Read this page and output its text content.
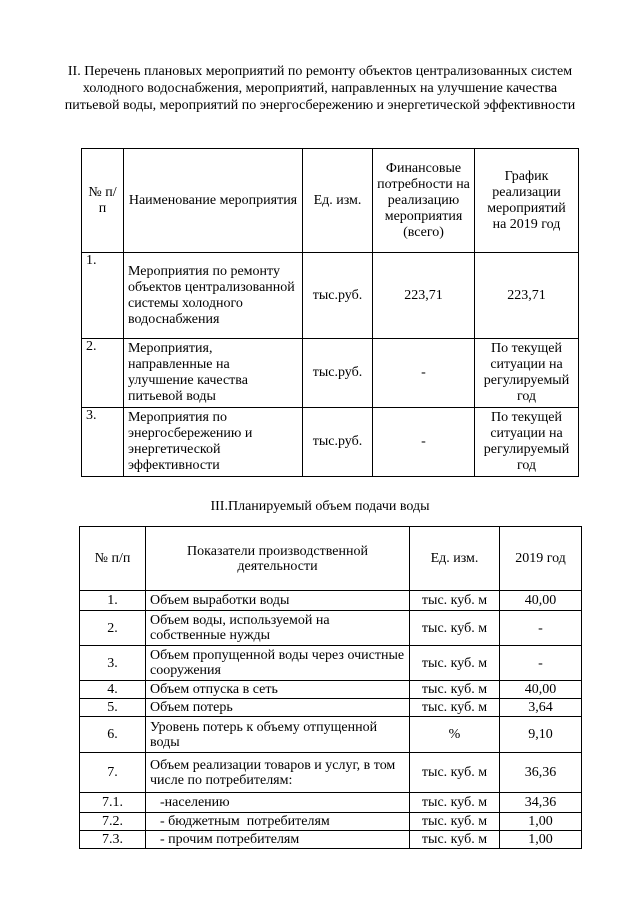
II. Перечень плановых мероприятий по ремонту объектов централизованных систем холодного водоснабжения, мероприятий, направленных на улучшение качества питьевой воды, мероприятий по энергосбережению и энергетической эффективности
№ п/п	Наименование мероприятия	Ед. изм.	Финансовые потребности на реализацию мероприятия (всего)	График реализации мероприятий на 2019 год
1.	Мероприятия по ремонту объектов централизованной системы холодного водоснабжения	тыс.руб.	223,71	223,71
2.	Мероприятия, направленные на улучшение качества питьевой воды	тыс.руб.	-	По текущей ситуации на регулируемый год
3.	Мероприятия по энергосбережению и энергетической эффективности	тыс.руб.	-	По текущей ситуации на регулируемый год
III.Планируемый объем подачи воды
№ п/п	Показатели производственной деятельности	Ед. изм.	2019 год
1.	Объем выработки воды	тыс. куб. м	40,00
2.	Объем воды, используемой на собственные нужды	тыс. куб. м	-
3.	Объем пропущенной воды через очистные сооружения	тыс. куб. м	-
4.	Объем отпуска в сеть	тыс. куб. м	40,00
5.	Объем потерь	тыс. куб. м	3,64
6.	Уровень потерь к объему отпущенной воды	%	9,10
7.	Объем реализации товаров и услуг, в том числе по потребителям:	тыс. куб. м	36,36
7.1.	-населению	тыс. куб. м	34,36
7.2.	- бюджетным  потребителям	тыс. куб. м	1,00
7.3.	- прочим потребителям	тыс. куб. м	1,00
